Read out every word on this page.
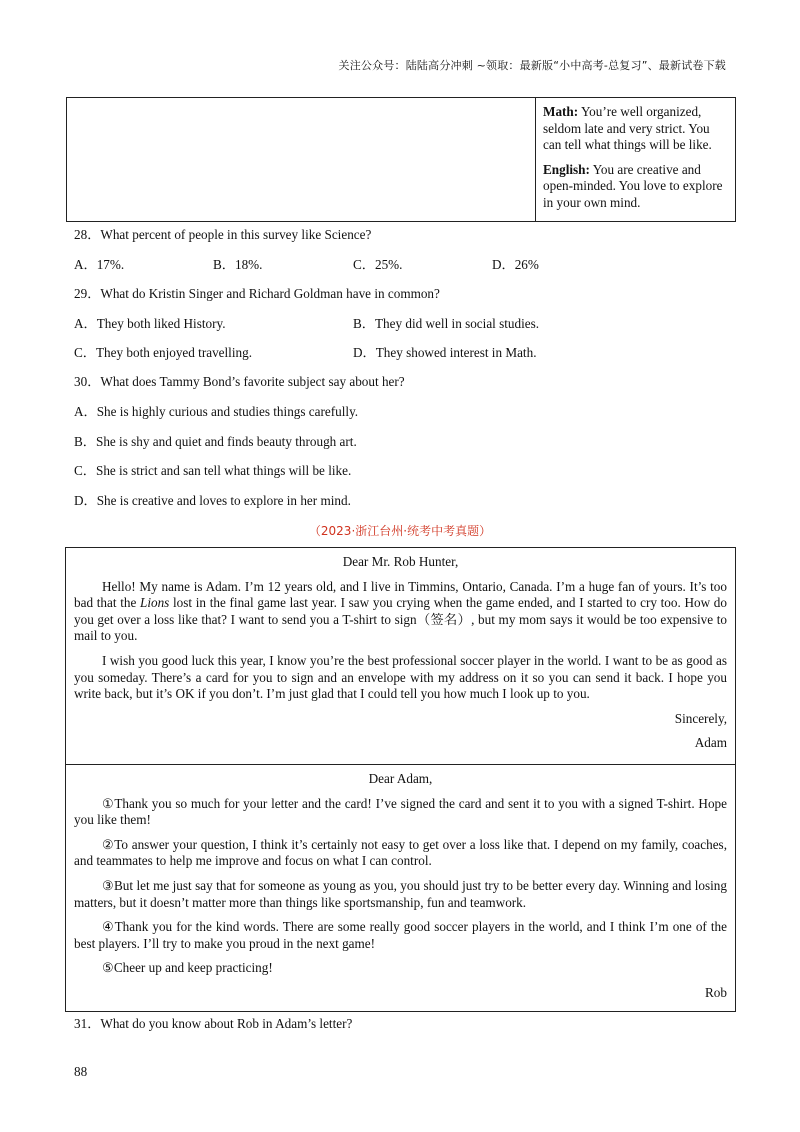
关注公众号：陆陆高分冲刺 ~领取：最新版“小中高考-总复习”、最新试卷下载

Math: You’re well organized, seldom late and very strict. You can tell what things will be like.

English: You are creative and open-minded. You love to explore in your own mind.

28．What percent of people in this survey like Science?
A．17%.	B．18%.	C．25%.	D．26%
29．What do Kristin Singer and Richard Goldman have in common?
A．They both liked History.	B．They did well in social studies.
C．They both enjoyed travelling.	D．They showed interest in Math.
30．What does Tammy Bond’s favorite subject say about her?
A．She is highly curious and studies things carefully.
B．She is shy and quiet and finds beauty through art.
C．She is strict and san tell what things will be like.
D．She is creative and loves to explore in her mind.
（2023·浙江台州·统考中考真题）

Dear Mr. Rob Hunter,

Hello! My name is Adam. I’m 12 years old, and I live in Timmins, Ontario, Canada. I’m a huge fan of yours. It’s too bad that the Lions lost in the final game last year. I saw you crying when the game ended, and I started to cry too. How do you get over a loss like that? I want to send you a T-shirt to sign（签名）, but my mom says it would be too expensive to mail to you.

I wish you good luck this year, I know you’re the best professional soccer player in the world. I want to be as good as you someday. There’s a card for you to sign and an envelope with my address on it so you can send it back. I hope you write back, but it’s OK if you don’t. I’m just glad that I could tell you how much I look up to you.

Sincerely,

Adam

Dear Adam,

①Thank you so much for your letter and the card! I’ve signed the card and sent it to you with a signed T-shirt. Hope you like them!

②To answer your question, I think it’s certainly not easy to get over a loss like that. I depend on my family, coaches, and teammates to help me improve and focus on what I can control.

③But let me just say that for someone as young as you, you should just try to be better every day. Winning and losing matters, but it doesn’t matter more than things like sportsmanship, fun and teamwork.

④Thank you for the kind words. There are some really good soccer players in the world, and I think I’m one of the best players. I’ll try to make you proud in the next game!

⑤Cheer up and keep practicing!

Rob

31．What do you know about Rob in Adam’s letter?
88
